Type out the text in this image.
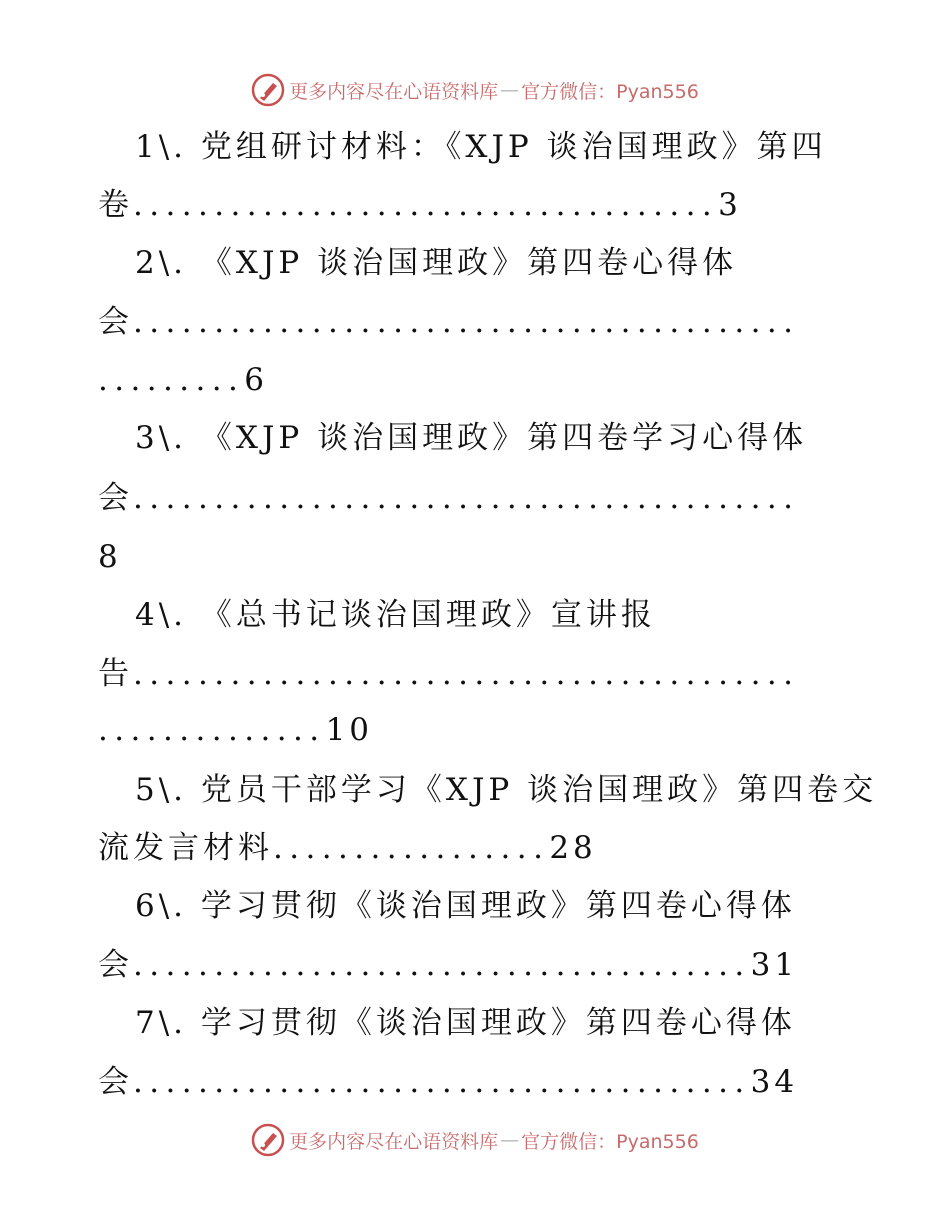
更多内容尽在心语资料库 — 官方微信：Pyan556
1\. 党组研讨材料：《XJP 谈治国理政》第四
卷....................................3
2\. 《XJP 谈治国理政》第四卷心得体
会.........................................
.........6
3\. 《XJP 谈治国理政》第四卷学习心得体
会.........................................
8
4\. 《总书记谈治国理政》宣讲报
告.........................................
..............10
5\. 党员干部学习《XJP 谈治国理政》第四卷交
流发言材料.................28
6\. 学习贯彻《谈治国理政》第四卷心得体
会......................................31
7\. 学习贯彻《谈治国理政》第四卷心得体
会......................................34
更多内容尽在心语资料库 — 官方微信：Pyan556
